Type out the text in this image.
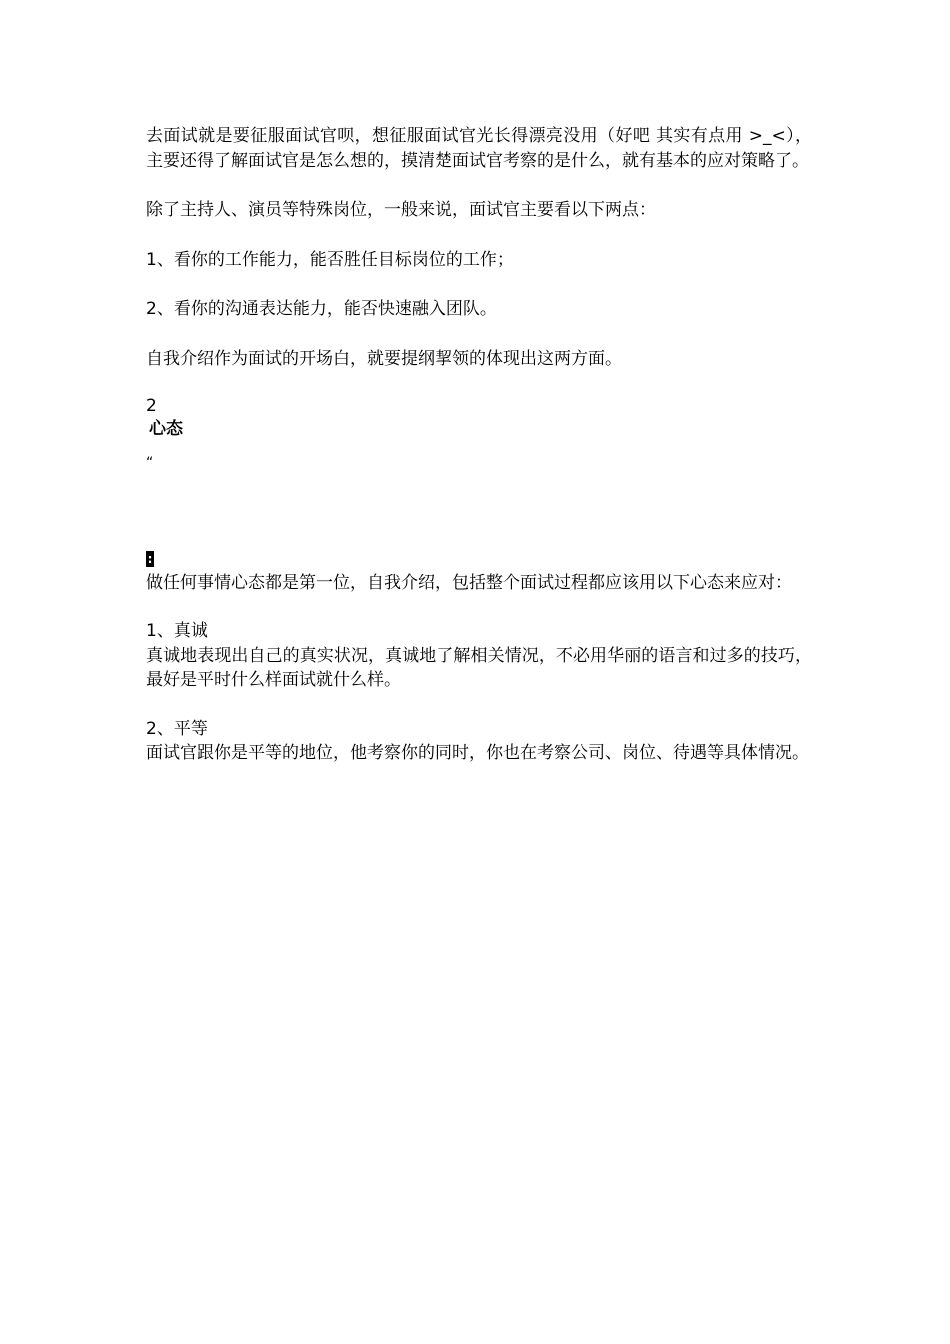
去面试就是要征服面试官呗，想征服面试官光长得漂亮没用（好吧 其实有点用 >_<），主要还得了解面试官是怎么想的，摸清楚面试官考察的是什么，就有基本的应对策略了。

除了主持人、演员等特殊岗位，一般来说，面试官主要看以下两点：

1、看你的工作能力，能否胜任目标岗位的工作；

2、看你的沟通表达能力，能否快速融入团队。

自我介绍作为面试的开场白，就要提纲挈领的体现出这两方面。

2

心态

“

:

做任何事情心态都是第一位，自我介绍，包括整个面试过程都应该用以下心态来应对：

1、真诚

真诚地表现出自己的真实状况，真诚地了解相关情况，不必用华丽的语言和过多的技巧，最好是平时什么样面试就什么样。

2、平等

面试官跟你是平等的地位，他考察你的同时，你也在考察公司、岗位、待遇等具体情况。
